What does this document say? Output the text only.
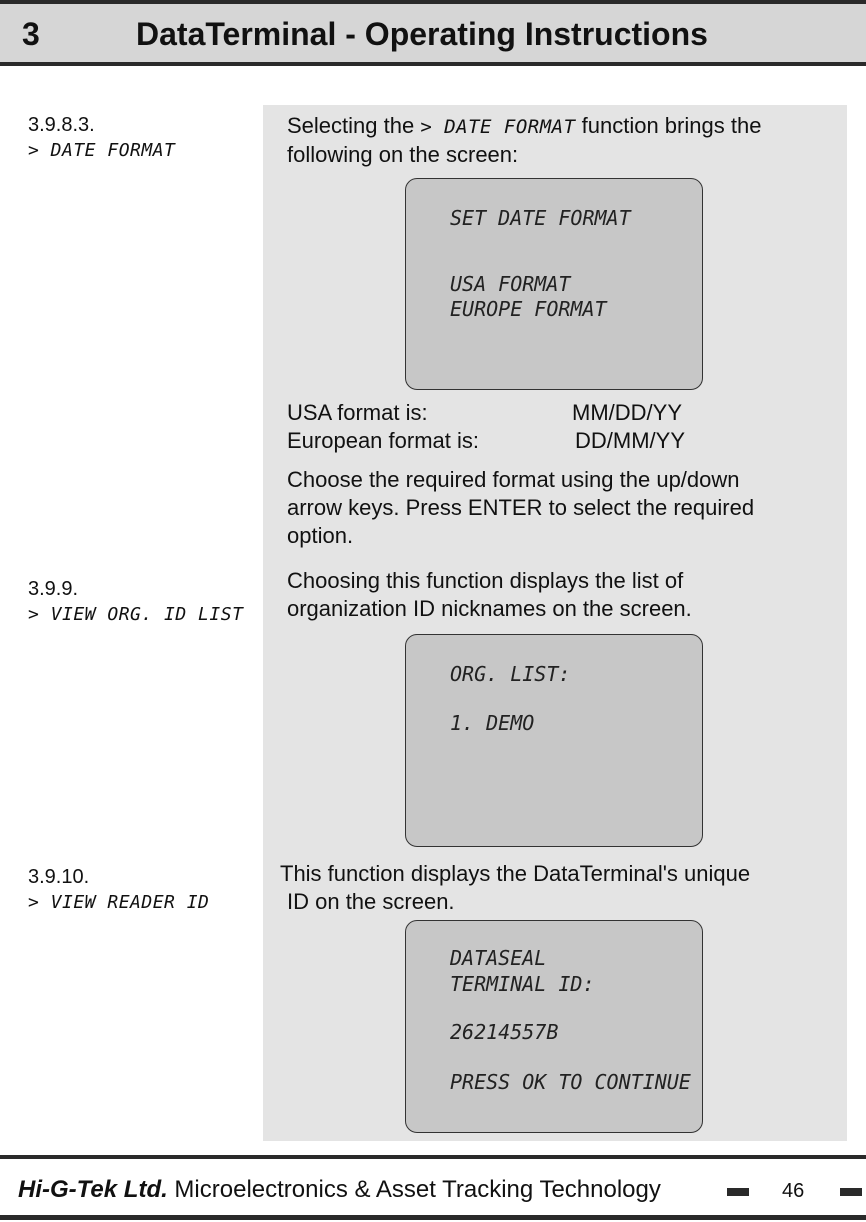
3	DataTerminal - Operating Instructions
3.9.8.3.
> DATE FORMAT
3.9.9.
> VIEW ORG. ID LIST
3.9.10.
> VIEW READER ID
Selecting the > DATE FORMAT function brings the
following on the screen:
SET DATE FORMAT
USA FORMAT
EUROPE FORMAT
USA format is:	MM/DD/YY
European format is:	DD/MM/YY
Choose the required format using the up/down
arrow keys. Press ENTER to select the required
option.
Choosing this function displays the list of
organization ID nicknames on the screen.
ORG. LIST:
1. DEMO
This function displays the DataTerminal's unique
ID on the screen.
DATASEAL
TERMINAL ID:
26214557B
PRESS OK TO CONTINUE
Hi-G-Tek Ltd. Microelectronics & Asset Tracking Technology	46
